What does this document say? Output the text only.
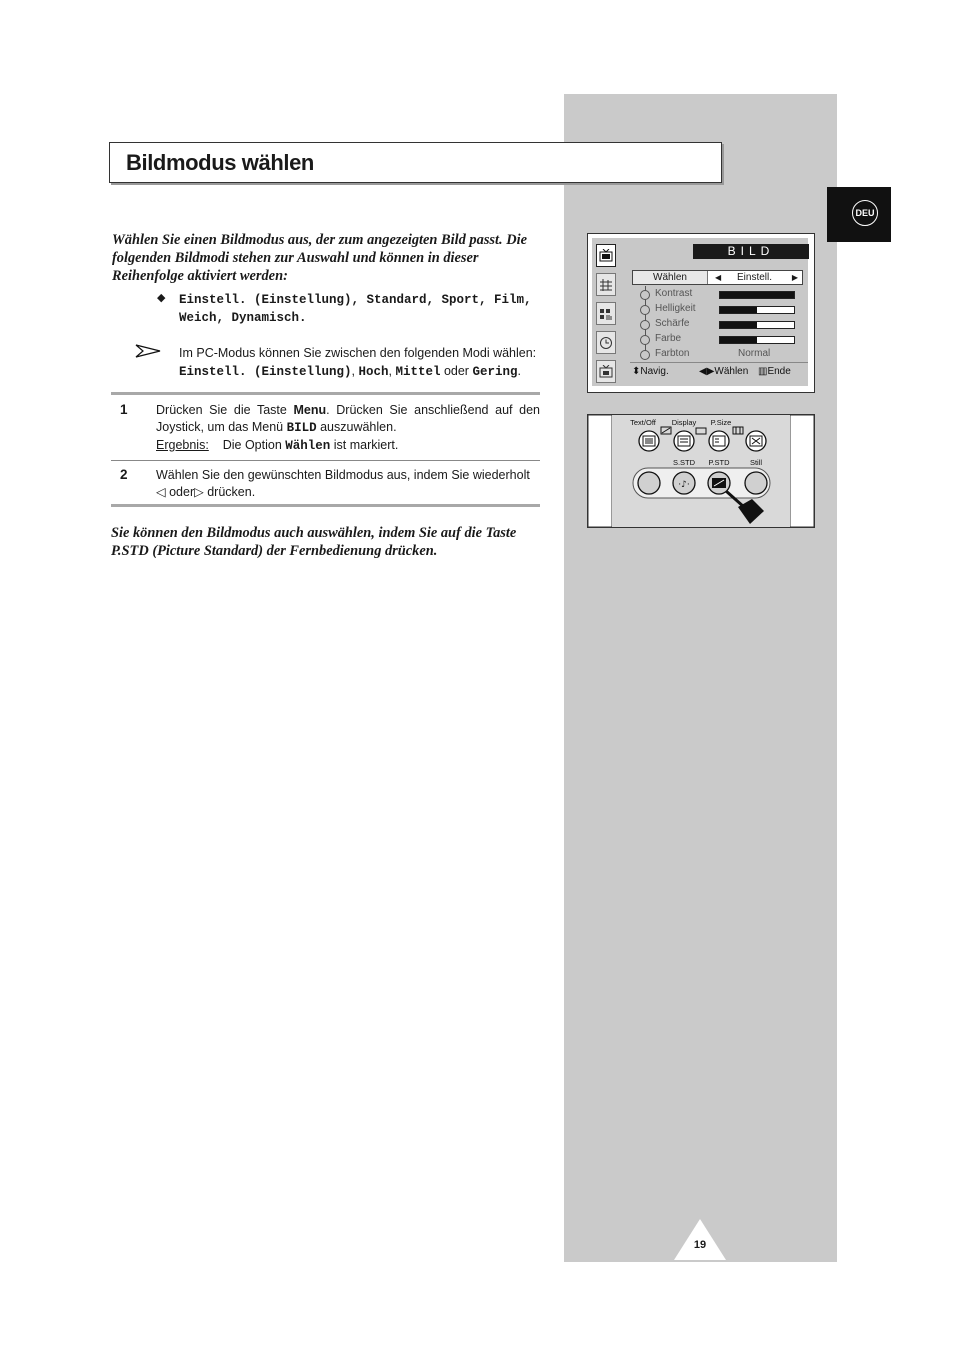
Bildmodus wählen
DEU
Wählen Sie einen Bildmodus aus, der zum angezeigten Bild passt. Die folgenden Bildmodi stehen zur Auswahl und können in dieser Reihenfolge aktiviert werden:
◆ Einstell. (Einstellung), Standard, Sport, Film,
Weich, Dynamisch.
Im PC-Modus können Sie zwischen den folgenden Modi wählen:
Einstell. (Einstellung), Hoch, Mittel oder Gering.
1 Drücken Sie die Taste Menu. Drücken Sie anschließend auf den Joystick, um das Menü BILD auszuwählen.
Ergebnis: Die Option Wählen ist markiert.
2 Wählen Sie den gewünschten Bildmodus aus, indem Sie wiederholt ◁ oder▷ drücken.
Sie können den Bildmodus auch auswählen, indem Sie auf die Taste P.STD (Picture Standard) der Fernbedienung drücken.
BILD
Wählen	◀	Einstell.	▶
Kontrast
Helligkeit
Schärfe
Farbe
Farbton	Normal
⬍Navig.	◀▶Wählen ▥Ende
Text/Off Display P.Size
S.STD P.STD	Still
·♪·
19
